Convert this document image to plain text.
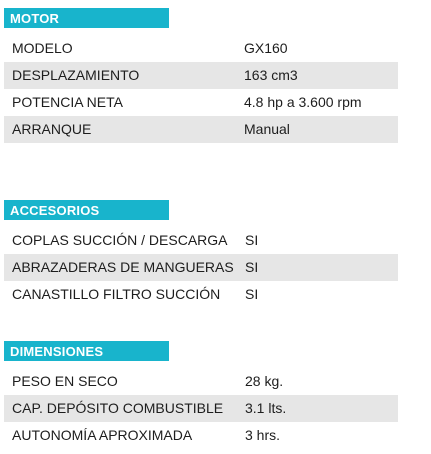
MOTOR
MODELO	GX160
DESPLAZAMIENTO	163 cm3
POTENCIA NETA	4.8 hp a 3.600 rpm
ARRANQUE	Manual
ACCESORIOS
COPLAS SUCCIÓN / DESCARGA	SI
ABRAZADERAS DE MANGUERAS SI
CANASTILLO FILTRO SUCCIÓN	SI
DIMENSIONES
PESO EN SECO	28 kg.
CAP. DEPÓSITO COMBUSTIBLE	3.1 lts.
AUTONOMÍA APROXIMADA	3 hrs.
